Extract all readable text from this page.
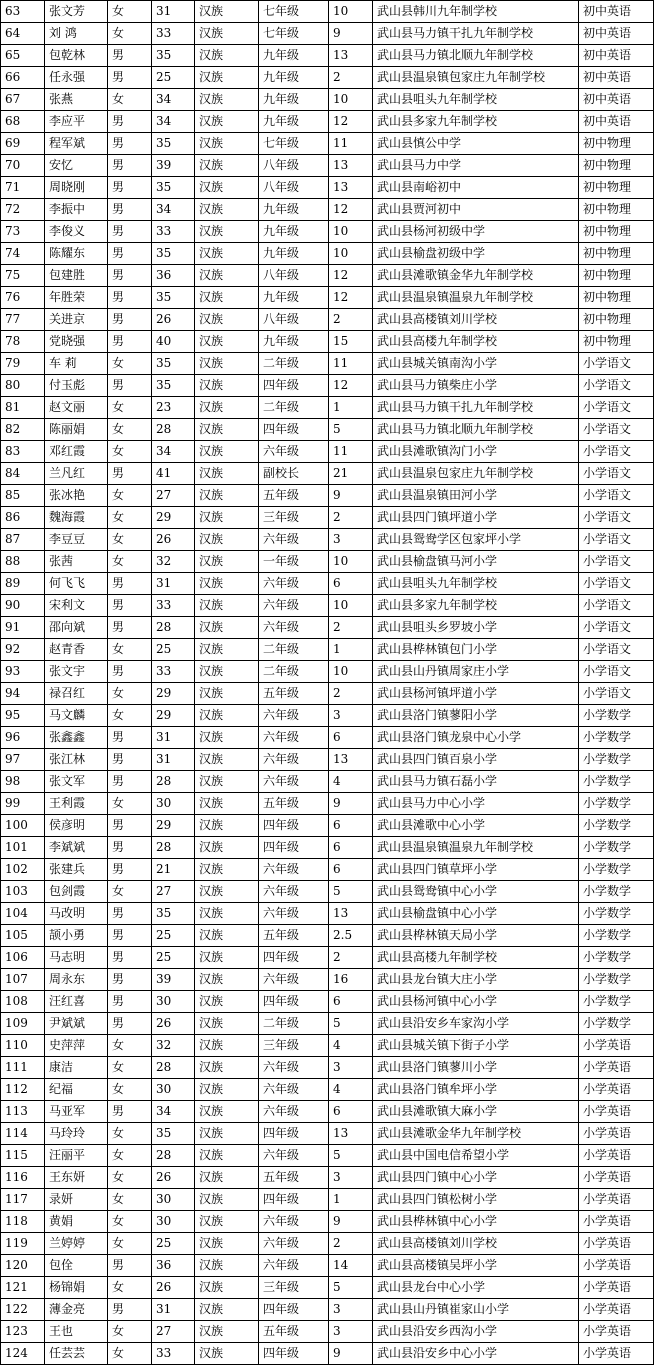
63	张文芳	女	31	汉族	七年级	10	武山县韩川九年制学校	初中英语
64	刘 鸿	女	33	汉族	七年级	9	武山县马力镇干扎九年制学校	初中英语
65	包乾林	男	35	汉族	九年级	13	武山县马力镇北顺九年制学校	初中英语
66	任永强	男	25	汉族	九年级	2	武山县温泉镇包家庄九年制学校	初中英语
67	张燕	女	34	汉族	九年级	10	武山县咀头九年制学校	初中英语
68	李应平	男	34	汉族	九年级	12	武山县多家九年制学校	初中英语
69	程军斌	男	35	汉族	七年级	11	武山县慎公中学	初中物理
70	安忆	男	39	汉族	八年级	13	武山县马力中学	初中物理
71	周晓刚	男	35	汉族	八年级	13	武山县南峪初中	初中物理
72	李振中	男	34	汉族	九年级	12	武山县贾河初中	初中物理
73	李俊义	男	33	汉族	九年级	10	武山县杨河初级中学	初中物理
74	陈耀东	男	35	汉族	九年级	10	武山县榆盘初级中学	初中物理
75	包建胜	男	36	汉族	八年级	12	武山县滩歌镇金华九年制学校	初中物理
76	年胜荣	男	35	汉族	九年级	12	武山县温泉镇温泉九年制学校	初中物理
77	关进京	男	26	汉族	八年级	2	武山县高楼镇刘川学校	初中物理
78	党晓强	男	40	汉族	九年级	15	武山县高楼九年制学校	初中物理
79	车 莉	女	35	汉族	二年级	11	武山县城关镇南沟小学	小学语文
80	付玉彪	男	35	汉族	四年级	12	武山县马力镇柴庄小学	小学语文
81	赵文丽	女	23	汉族	二年级	1	武山县马力镇干扎九年制学校	小学语文
82	陈丽娟	女	28	汉族	四年级	5	武山县马力镇北顺九年制学校	小学语文
83	邓红霞	女	34	汉族	六年级	11	武山县滩歌镇沟门小学	小学语文
84	兰凡红	男	41	汉族	副校长	21	武山县温泉包家庄九年制学校	小学语文
85	张冰艳	女	27	汉族	五年级	9	武山县温泉镇田河小学	小学语文
86	魏海霞	女	29	汉族	三年级	2	武山县四门镇坪道小学	小学语文
87	李豆豆	女	26	汉族	六年级	3	武山县鸳鸯学区包家坪小学	小学语文
88	张茜	女	32	汉族	一年级	10	武山县榆盘镇马河小学	小学语文
89	何飞飞	男	31	汉族	六年级	6	武山县咀头九年制学校	小学语文
90	宋利文	男	33	汉族	六年级	10	武山县多家九年制学校	小学语文
91	邵向斌	男	28	汉族	六年级	2	武山县咀头乡罗坡小学	小学语文
92	赵青香	女	25	汉族	二年级	1	武山县桦林镇包门小学	小学语文
93	张文宇	男	33	汉族	二年级	10	武山县山丹镇周家庄小学	小学语文
94	禄召红	女	29	汉族	五年级	2	武山县杨河镇坪道小学	小学语文
95	马文麟	女	29	汉族	六年级	3	武山县洛门镇蓼阳小学	小学数学
96	张鑫鑫	男	31	汉族	六年级	6	武山县洛门镇龙泉中心小学	小学数学
97	张江林	男	31	汉族	六年级	13	武山县四门镇百泉小学	小学数学
98	张文军	男	28	汉族	六年级	4	武山县马力镇石磊小学	小学数学
99	王利霞	女	30	汉族	五年级	9	武山县马力中心小学	小学数学
100	侯彦明	男	29	汉族	四年级	6	武山县滩歌中心小学	小学数学
101	李斌斌	男	28	汉族	四年级	6	武山县温泉镇温泉九年制学校	小学数学
102	张建兵	男	21	汉族	六年级	6	武山县四门镇草坪小学	小学数学
103	包剑霞	女	27	汉族	六年级	5	武山县鸳鸯镇中心小学	小学数学
104	马改明	男	35	汉族	六年级	13	武山县榆盘镇中心小学	小学数学
105	颉小勇	男	25	汉族	五年级	2.5	武山县桦林镇天局小学	小学数学
106	马志明	男	25	汉族	四年级	2	武山县高楼九年制学校	小学数学
107	周永东	男	39	汉族	六年级	16	武山县龙台镇大庄小学	小学数学
108	汪红喜	男	30	汉族	四年级	6	武山县杨河镇中心小学	小学数学
109	尹斌斌	男	26	汉族	二年级	5	武山县沿安乡车家沟小学	小学数学
110	史萍萍	女	32	汉族	三年级	4	武山县城关镇下街子小学	小学英语
111	康洁	女	28	汉族	六年级	3	武山县洛门镇蓼川小学	小学英语
112	纪福	女	30	汉族	六年级	4	武山县洛门镇牟坪小学	小学英语
113	马亚军	男	34	汉族	六年级	6	武山县滩歌镇大麻小学	小学英语
114	马玲玲	女	35	汉族	四年级	13	武山县滩歌金华九年制学校	小学英语
115	汪丽平	女	28	汉族	六年级	5	武山县中国电信希望小学	小学英语
116	王东妍	女	26	汉族	五年级	3	武山县四门镇中心小学	小学英语
117	录妍	女	30	汉族	四年级	1	武山县四门镇松树小学	小学英语
118	黄娟	女	30	汉族	六年级	9	武山县桦林镇中心小学	小学英语
119	兰婷婷	女	25	汉族	六年级	2	武山县高楼镇刘川学校	小学英语
120	包佺	男	36	汉族	六年级	14	武山县高楼镇吴坪小学	小学英语
121	杨锦娟	女	26	汉族	三年级	5	武山县龙台中心小学	小学英语
122	薄金亮	男	31	汉族	四年级	3	武山县山丹镇崔家山小学	小学英语
123	王也	女	27	汉族	五年级	3	武山县沿安乡西沟小学	小学英语
124	任芸芸	女	33	汉族	四年级	9	武山县沿安乡中心小学	小学英语
